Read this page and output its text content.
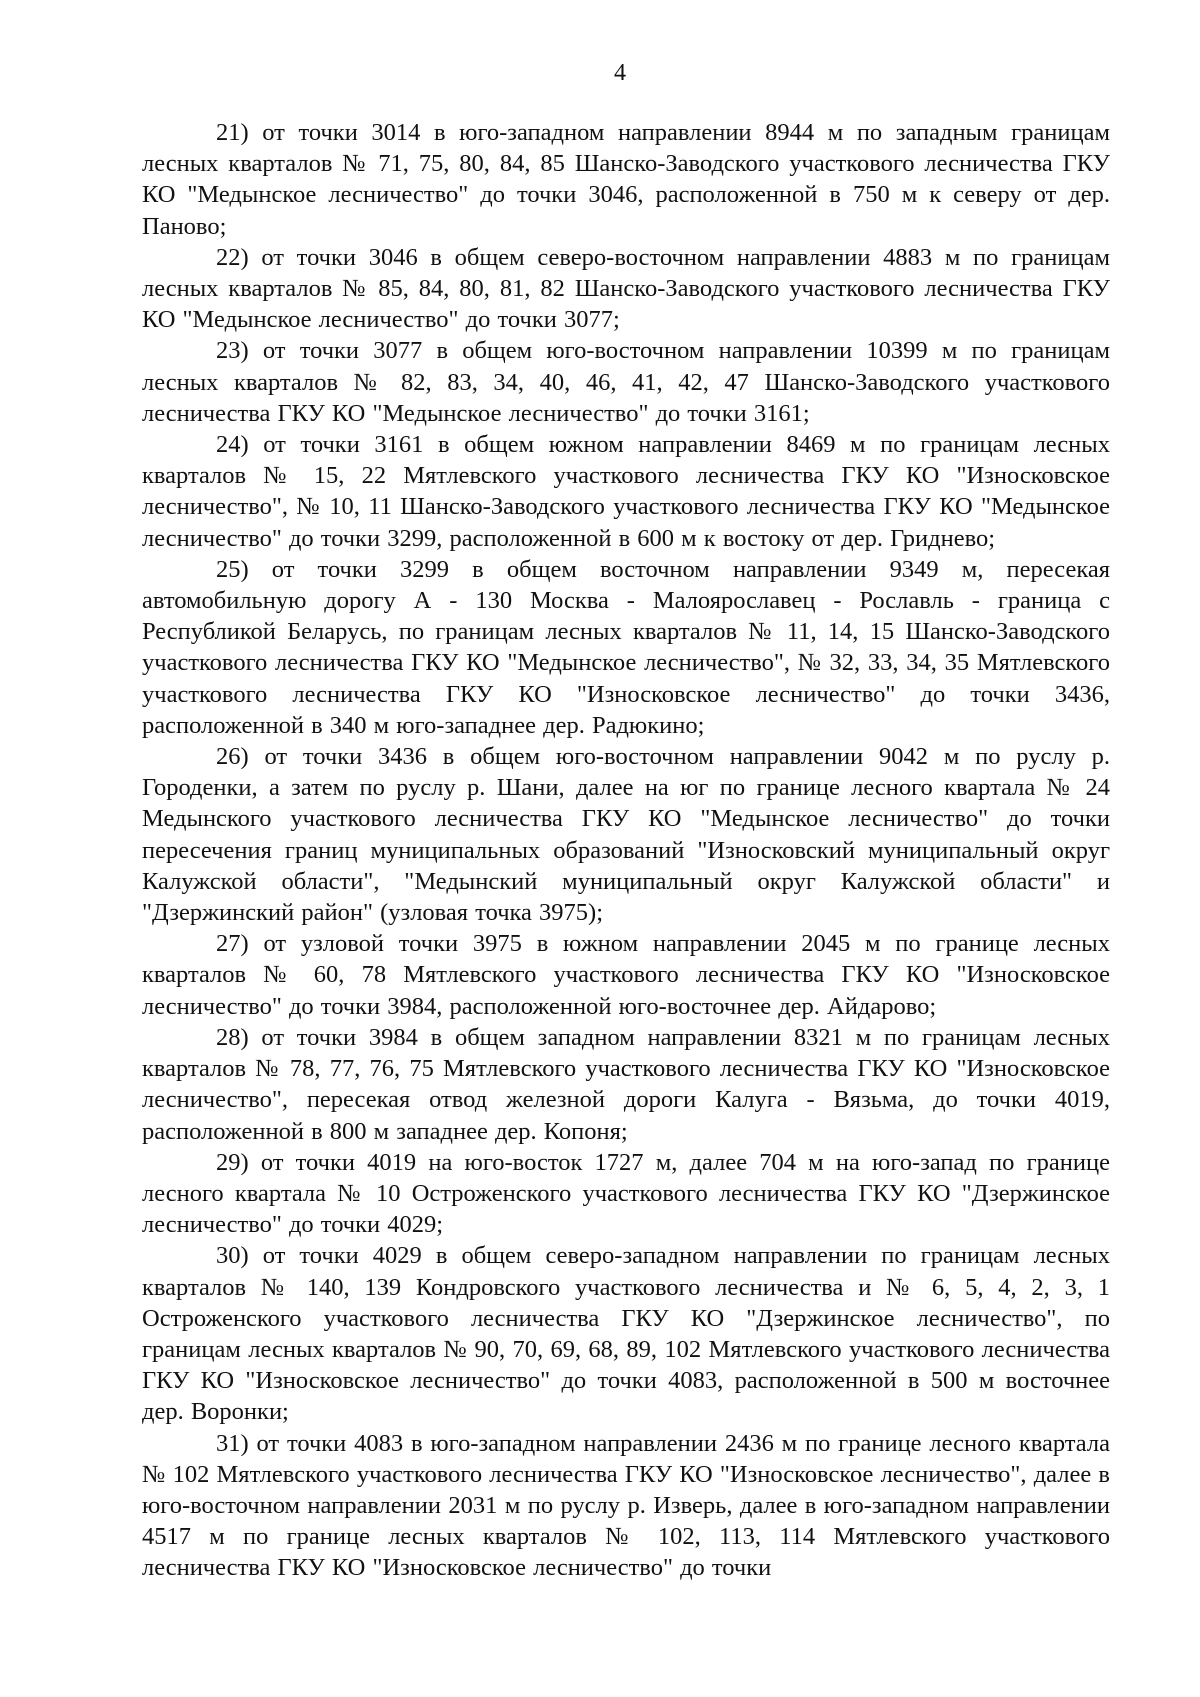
4

21) от точки 3014 в юго-западном направлении 8944 м по западным границам лесных кварталов № 71, 75, 80, 84, 85 Шанско-Заводского участкового лесничества ГКУ КО "Медынское лесничество" до точки 3046, расположенной в 750 м к северу от дер. Паново;

22) от точки 3046 в общем северо-восточном направлении 4883 м по границам лесных кварталов № 85, 84, 80, 81, 82 Шанско-Заводского участкового лесничества ГКУ КО "Медынское лесничество" до точки 3077;

23) от точки 3077 в общем юго-восточном направлении 10399 м по границам лесных кварталов № 82, 83, 34, 40, 46, 41, 42, 47 Шанско-Заводского участкового лесничества ГКУ КО "Медынское лесничество" до точки 3161;

24) от точки 3161 в общем южном направлении 8469 м по границам лесных кварталов № 15, 22 Мятлевского участкового лесничества ГКУ КО "Износковское лесничество", № 10, 11 Шанско-Заводского участкового лесничества ГКУ КО "Медынское лесничество" до точки 3299, расположенной в 600 м к востоку от дер. Гриднево;

25) от точки 3299 в общем восточном направлении 9349 м, пересекая автомобильную дорогу А - 130 Москва - Малоярославец - Рославль - граница с Республикой Беларусь, по границам лесных кварталов № 11, 14, 15 Шанско-Заводского участкового лесничества ГКУ КО "Медынское лесничество", № 32, 33, 34, 35 Мятлевского участкового лесничества ГКУ КО "Износковское лесничество" до точки 3436, расположенной в 340 м юго-западнее дер. Радюкино;

26) от точки 3436 в общем юго-восточном направлении 9042 м по руслу р. Городенки, а затем по руслу р. Шани, далее на юг по границе лесного квартала № 24 Медынского участкового лесничества ГКУ КО "Медынское лесничество" до точки пересечения границ муниципальных образований "Износковский муниципальный округ Калужской области", "Медынский муниципальный округ Калужской области" и "Дзержинский район" (узловая точка 3975);

27) от узловой точки 3975 в южном направлении 2045 м по границе лесных кварталов № 60, 78 Мятлевского участкового лесничества ГКУ КО "Износковское лесничество" до точки 3984, расположенной юго-восточнее дер. Айдарово;

28) от точки 3984 в общем западном направлении 8321 м по границам лесных кварталов № 78, 77, 76, 75 Мятлевского участкового лесничества ГКУ КО "Износковское лесничество", пересекая отвод железной дороги Калуга - Вязьма, до точки 4019, расположенной в 800 м западнее дер. Копоня;

29) от точки 4019 на юго-восток 1727 м, далее 704 м на юго-запад по границе лесного квартала № 10 Остроженского участкового лесничества ГКУ КО "Дзержинское лесничество" до точки 4029;

30) от точки 4029 в общем северо-западном направлении по границам лесных кварталов № 140, 139 Кондровского участкового лесничества и № 6, 5, 4, 2, 3, 1 Остроженского участкового лесничества ГКУ КО "Дзержинское лесничество", по границам лесных кварталов № 90, 70, 69, 68, 89, 102 Мятлевского участкового лесничества ГКУ КО "Износковское лесничество" до точки 4083, расположенной в 500 м восточнее дер. Воронки;

31) от точки 4083 в юго-западном направлении 2436 м по границе лесного квартала № 102 Мятлевского участкового лесничества ГКУ КО "Износковское лесничество", далее в юго-восточном направлении 2031 м по руслу р. Изверь, далее в юго-западном направлении 4517 м по границе лесных кварталов № 102, 113, 114 Мятлевского участкового лесничества ГКУ КО "Износковское лесничество" до точки
